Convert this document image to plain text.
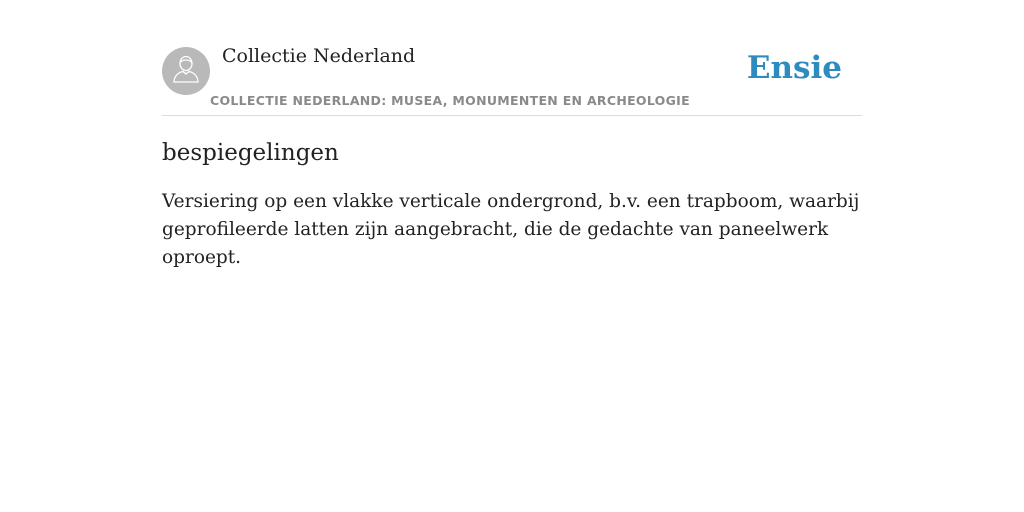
Collectie Nederland
COLLECTIE NEDERLAND: MUSEA, MONUMENTEN EN ARCHEOLOGIE
Ensie
bespiegelingen

Versiering op een vlakke verticale ondergrond, b.v. een trapboom, waarbij geprofileerde latten zijn aangebracht, die de gedachte van paneelwerk oproept.
